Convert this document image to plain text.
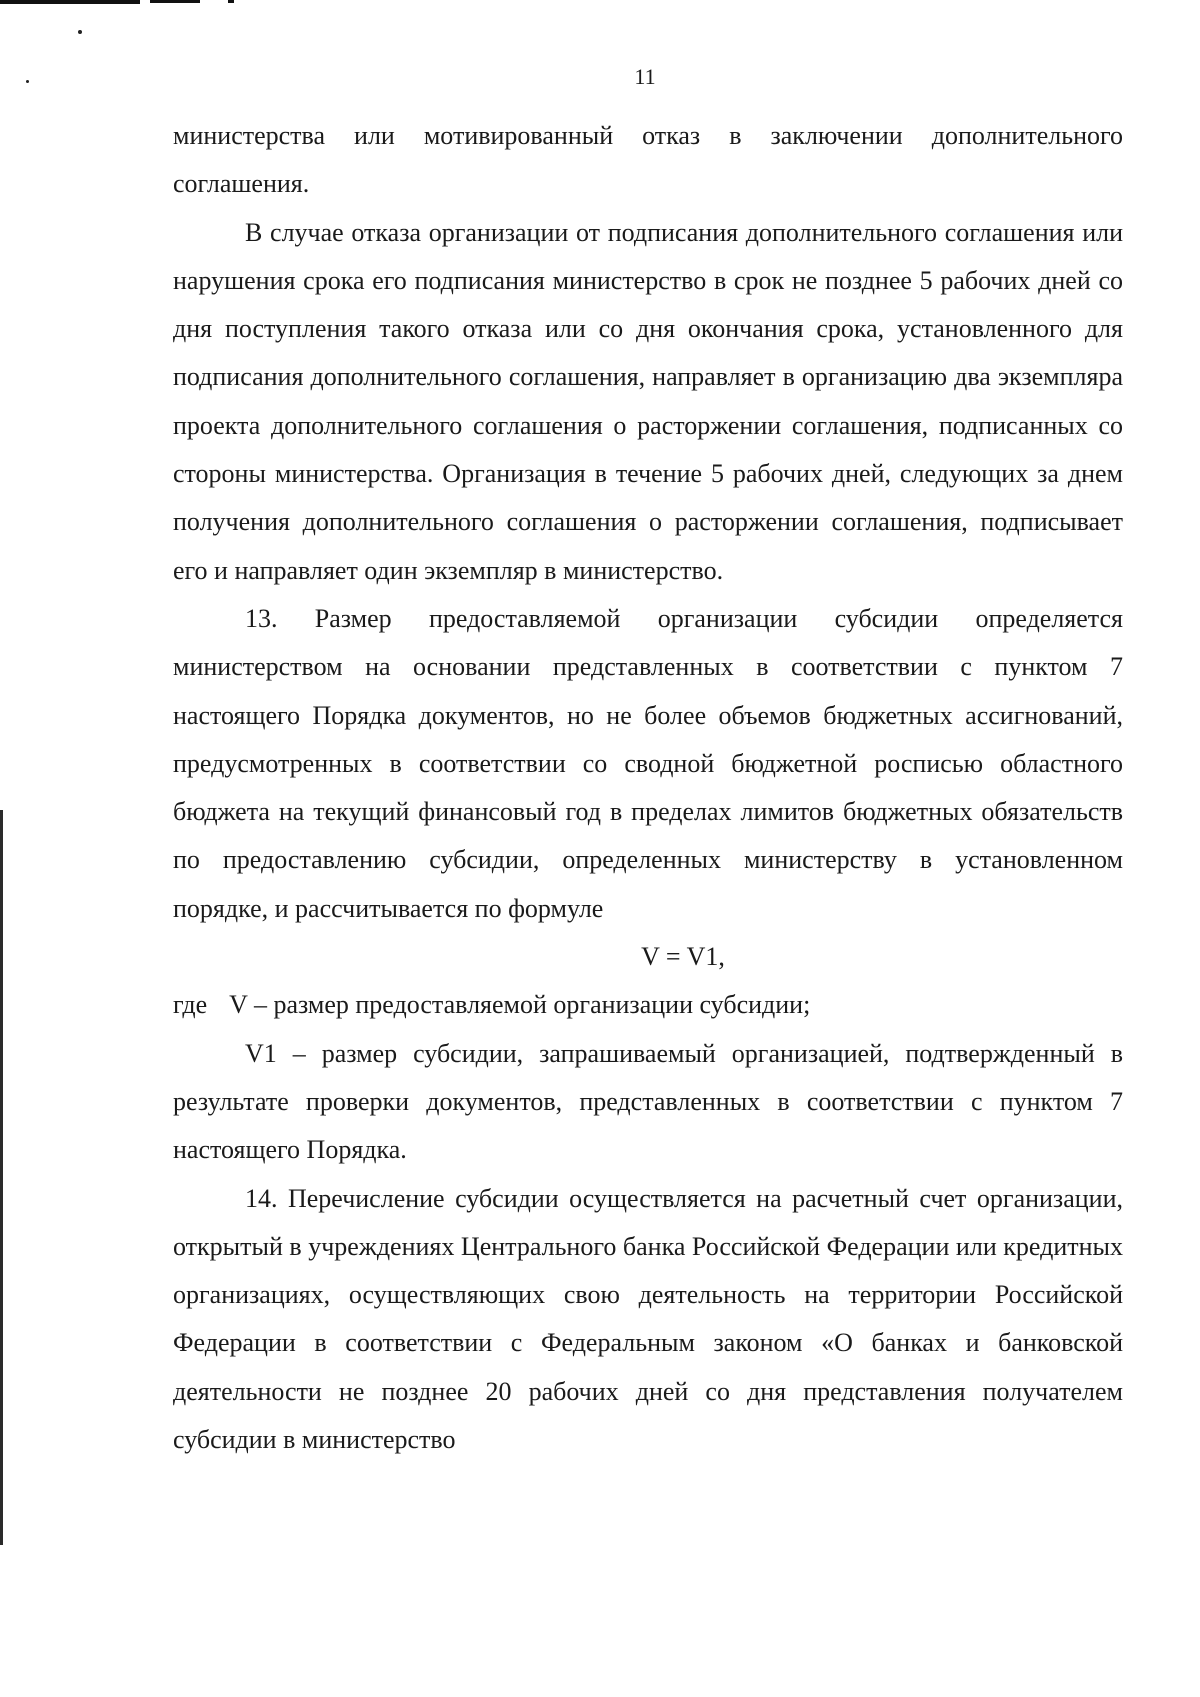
11

министерства или мотивированный отказ в заключении дополнительного соглашения.

В случае отказа организации от подписания дополнительного соглашения или нарушения срока его подписания министерство в срок не позднее 5 рабочих дней со дня поступления такого отказа или со дня окончания срока, установленного для подписания дополнительного соглашения, направляет в организацию два экземпляра проекта дополнительного соглашения о расторжении соглашения, подписанных со стороны министерства. Организация в течение 5 рабочих дней, следующих за днем получения дополнительного соглашения о расторжении соглашения, подписывает его и направляет один экземпляр в министерство.

13. Размер предоставляемой организации субсидии определяется министерством на основании представленных в соответствии с пунктом 7 настоящего Порядка документов, но не более объемов бюджетных ассигнований, предусмотренных в соответствии со сводной бюджетной росписью областного бюджета на текущий финансовый год в пределах лимитов бюджетных обязательств по предоставлению субсидии, определенных министерству в установленном порядке, и рассчитывается по формуле

V = V1,

где V – размер предоставляемой организации субсидии;

V1 – размер субсидии, запрашиваемый организацией, подтвержденный в результате проверки документов, представленных в соответствии с пунктом 7 настоящего Порядка.

14. Перечисление субсидии осуществляется на расчетный счет организации, открытый в учреждениях Центрального банка Российской Федерации или кредитных организациях, осуществляющих свою деятельность на территории Российской Федерации в соответствии с Федеральным законом «О банках и банковской деятельности не позднее 20 рабочих дней со дня представления получателем субсидии в министерство
